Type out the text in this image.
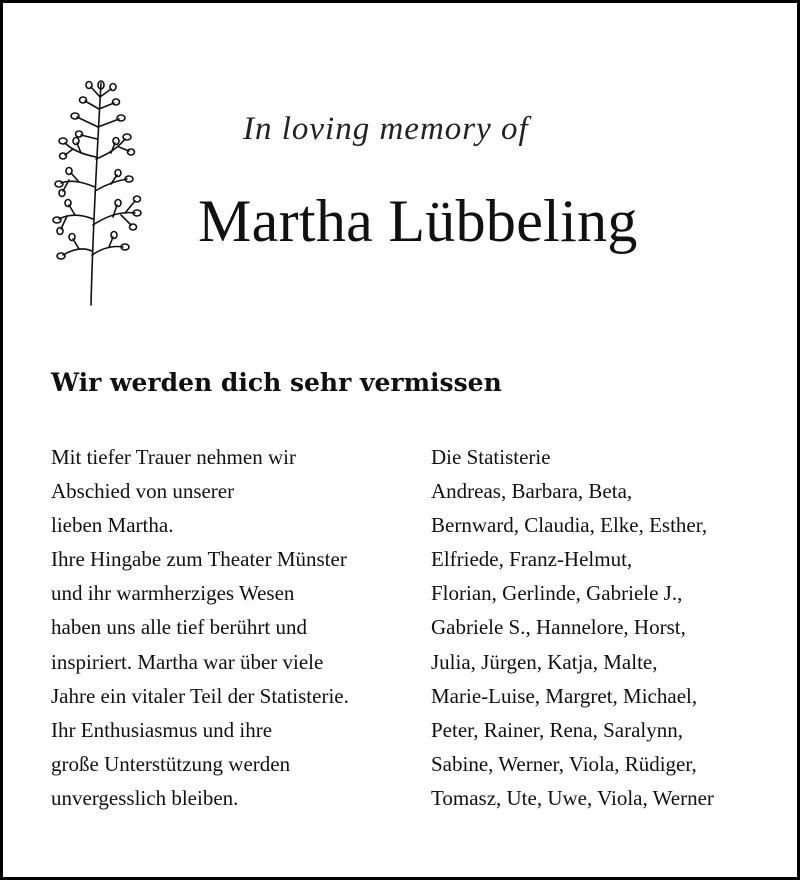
In loving memory of
Martha Lübbeling
Wir werden dich sehr vermissen
Mit tiefer Trauer nehmen wir
Abschied von unserer
lieben Martha.
Ihre Hingabe zum Theater Münster
und ihr warmherziges Wesen
haben uns alle tief berührt und
inspiriert. Martha war über viele
Jahre ein vitaler Teil der Statisterie.
Ihr Enthusiasmus und ihre
große Unterstützung werden
unvergesslich bleiben.
Die Statisterie
Andreas, Barbara, Beta,
Bernward, Claudia, Elke, Esther,
Elfriede, Franz-Helmut,
Florian, Gerlinde, Gabriele J.,
Gabriele S., Hannelore, Horst,
Julia, Jürgen, Katja, Malte,
Marie-Luise, Margret, Michael,
Peter, Rainer, Rena, Saralynn,
Sabine, Werner, Viola, Rüdiger,
Tomasz, Ute, Uwe, Viola, Werner
